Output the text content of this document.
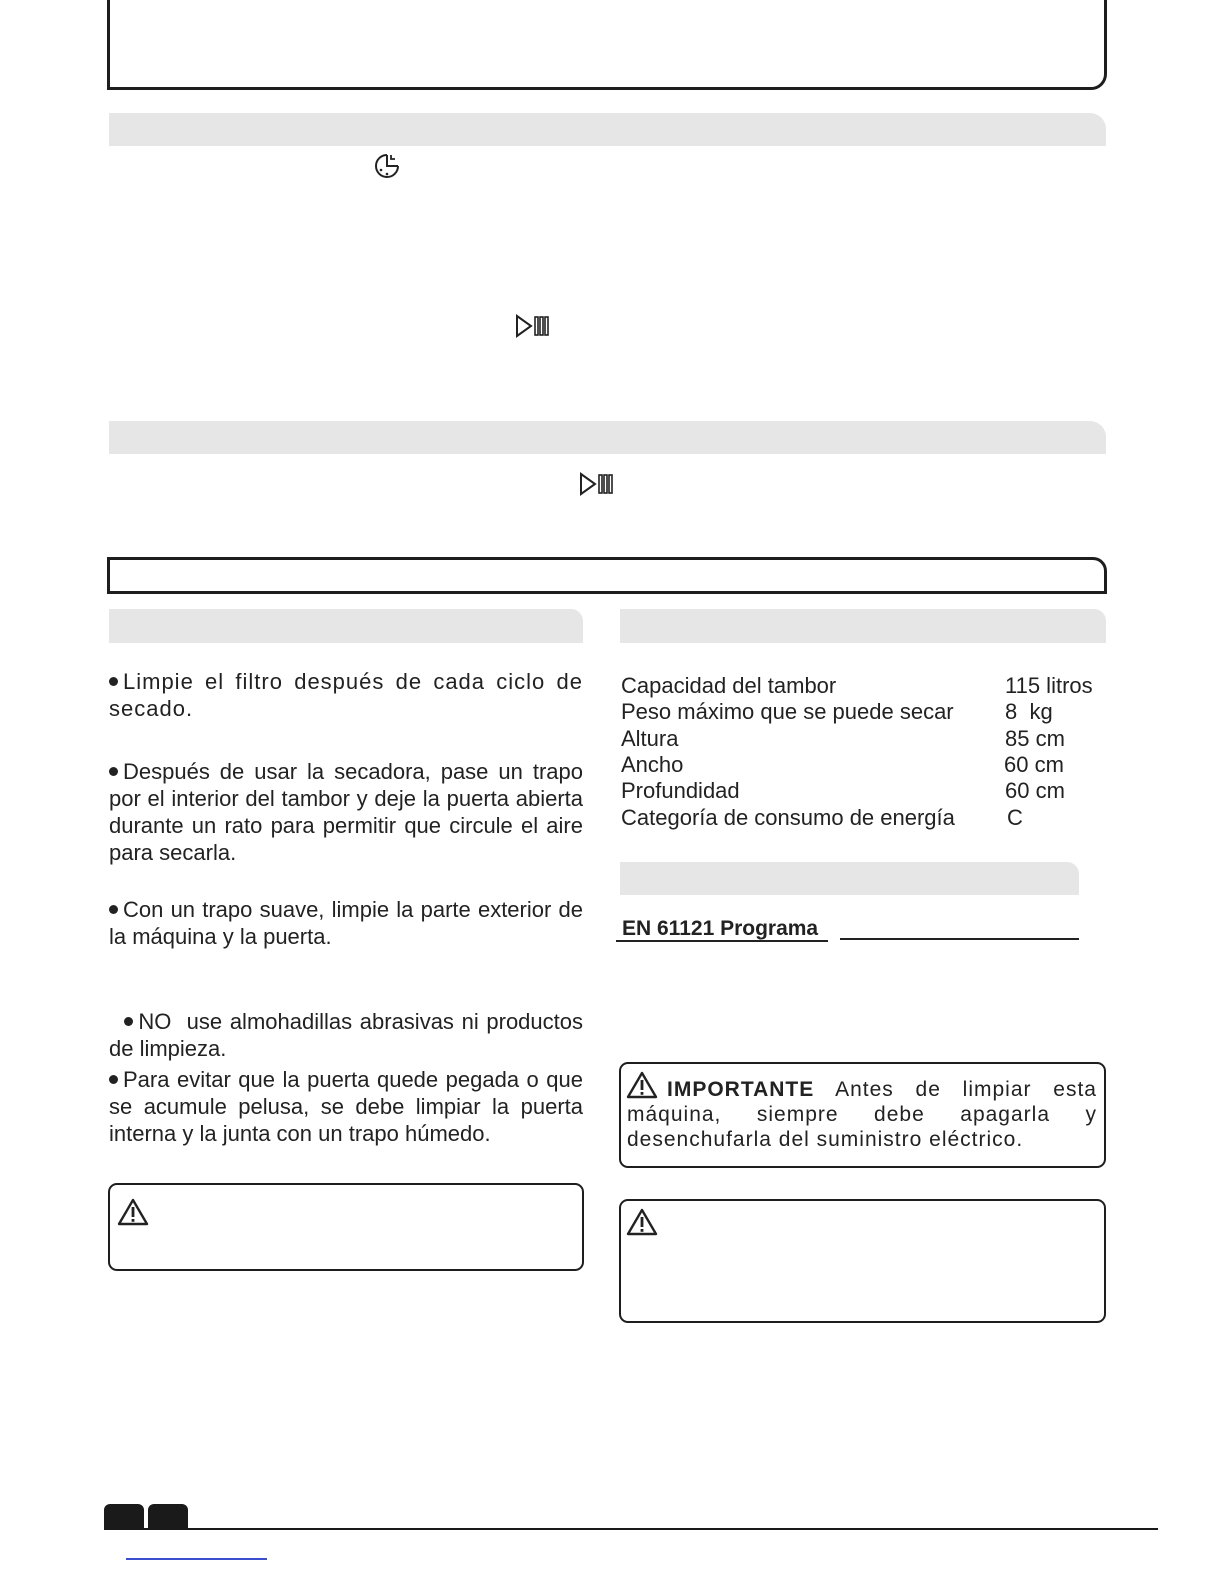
Limpie el filtro después de cada ciclo de secado.
Después de usar la secadora, pase un trapo por el interior del tambor y deje la puerta abierta durante un rato para permitir que circule el aire para secarla.
Con un trapo suave, limpie la parte exterior de la máquina y la puerta.

NO  use almohadillas abrasivas ni productos de limpieza.

Para evitar que la puerta quede pegada o que se acumule pelusa, se debe limpiar la puerta interna y la junta con un trapo húmedo.
Capacidad del tambor	115 litros
Peso máximo que se puede secar 8  kg
Altura	85 cm
Ancho	60 cm
Profundidad	60 cm
Categoría de consumo de energía C
EN 61121 Programa
IMPORTANTE Antes de limpiar esta máquina, siempre debe apagarla y desenchufarla del suministro eléctrico.
